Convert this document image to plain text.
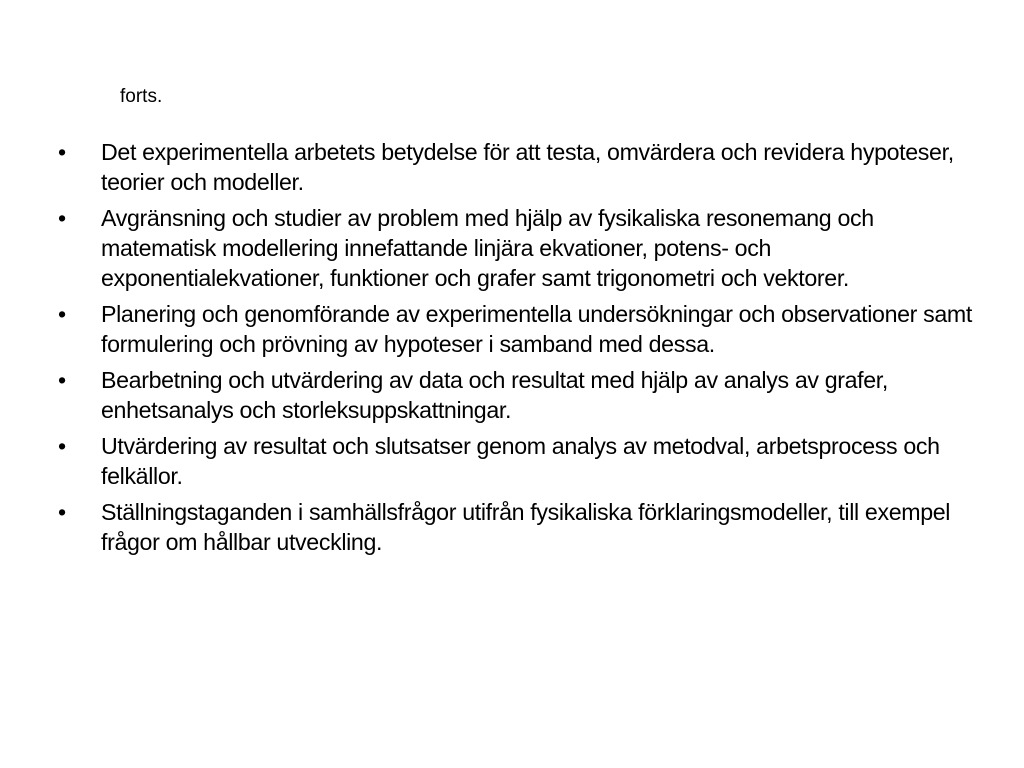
forts.
•	Det experimentella arbetets betydelse för att testa, omvärdera och revidera hypoteser, teorier och modeller.
•	Avgränsning och studier av problem med hjälp av fysikaliska resonemang och matematisk modellering innefattande linjära ekvationer, potens- och exponentialekvationer, funktioner och grafer samt trigonometri och vektorer.
•	Planering och genomförande av experimentella undersökningar och observationer samt formulering och prövning av hypoteser i samband med dessa.
•	Bearbetning och utvärdering av data och resultat med hjälp av analys av grafer, enhetsanalys och storleksuppskattningar.
•	Utvärdering av resultat och slutsatser genom analys av metodval, arbetsprocess och felkällor.
•	Ställningstaganden i samhällsfrågor utifrån fysikaliska förklaringsmodeller, till exempel frågor om hållbar utveckling.
